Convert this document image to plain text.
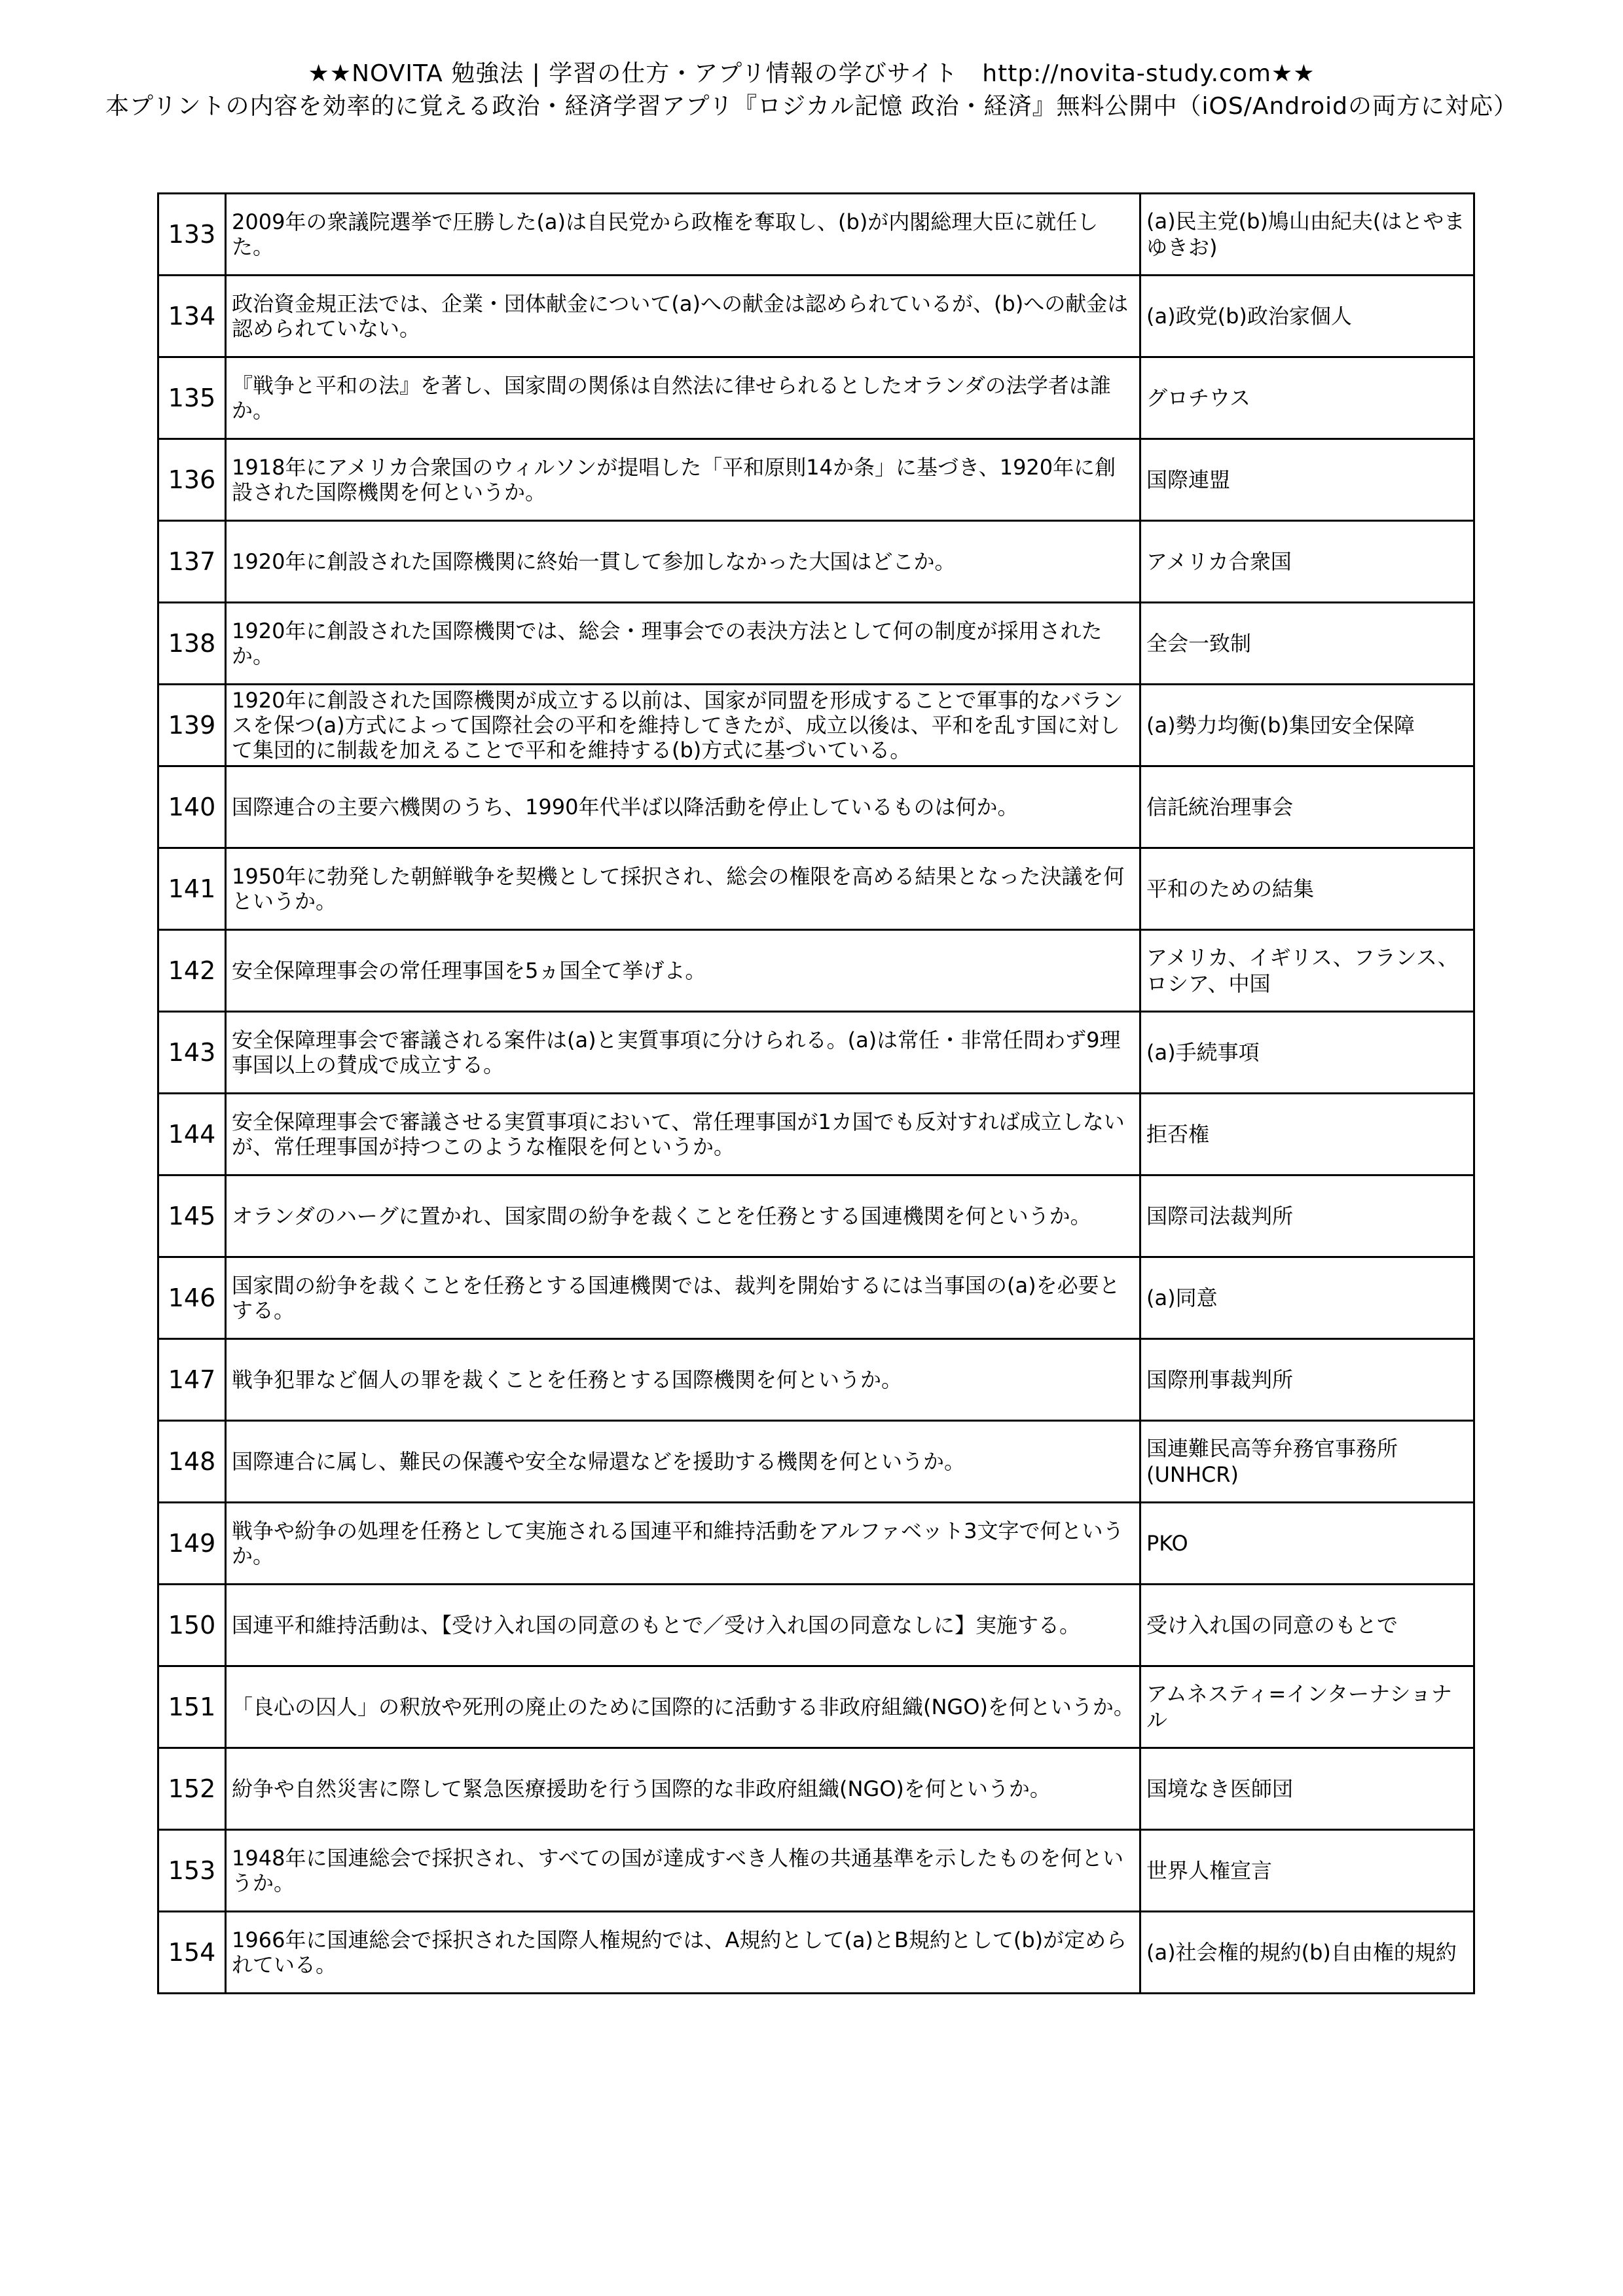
★★NOVITA 勉強法 | 学習の仕方・アプリ情報の学びサイト　http://novita-study.com★★
本プリントの内容を効率的に覚える政治・経済学習アプリ『ロジカル記憶 政治・経済』無料公開中（iOS/Androidの両方に対応）
133	2009年の衆議院選挙で圧勝した(a)は自民党から政権を奪取し、(b)が内閣総理大臣に就任した。	(a)民主党(b)鳩山由紀夫(はとやまゆきお)
134	政治資金規正法では、企業・団体献金について(a)への献金は認められているが、(b)への献金は認められていない。	(a)政党(b)政治家個人
135	『戦争と平和の法』を著し、国家間の関係は自然法に律せられるとしたオランダの法学者は誰か。	グロチウス
136	1918年にアメリカ合衆国のウィルソンが提唱した「平和原則14か条」に基づき、1920年に創設された国際機関を何というか。	国際連盟
137	1920年に創設された国際機関に終始一貫して参加しなかった大国はどこか。	アメリカ合衆国
138	1920年に創設された国際機関では、総会・理事会での表決方法として何の制度が採用されたか。	全会一致制
139	1920年に創設された国際機関が成立する以前は、国家が同盟を形成することで軍事的なバランスを保つ(a)方式によって国際社会の平和を維持してきたが、成立以後は、平和を乱す国に対して集団的に制裁を加えることで平和を維持する(b)方式に基づいている。	(a)勢力均衡(b)集団安全保障
140	国際連合の主要六機関のうち、1990年代半ば以降活動を停止しているものは何か。	信託統治理事会
141	1950年に勃発した朝鮮戦争を契機として採択され、総会の権限を高める結果となった決議を何というか。	平和のための結集
142	安全保障理事会の常任理事国を5ヵ国全て挙げよ。	アメリカ、イギリス、フランス、ロシア、中国
143	安全保障理事会で審議される案件は(a)と実質事項に分けられる。(a)は常任・非常任問わず9理事国以上の賛成で成立する。	(a)手続事項
144	安全保障理事会で審議させる実質事項において、常任理事国が1カ国でも反対すれば成立しないが、常任理事国が持つこのような権限を何というか。	拒否権
145	オランダのハーグに置かれ、国家間の紛争を裁くことを任務とする国連機関を何というか。	国際司法裁判所
146	国家間の紛争を裁くことを任務とする国連機関では、裁判を開始するには当事国の(a)を必要とする。	(a)同意
147	戦争犯罪など個人の罪を裁くことを任務とする国際機関を何というか。	国際刑事裁判所
148	国際連合に属し、難民の保護や安全な帰還などを援助する機関を何というか。	国連難民高等弁務官事務所(UNHCR)
149	戦争や紛争の処理を任務として実施される国連平和維持活動をアルファベット3文字で何というか。	PKO
150	国連平和維持活動は、【受け入れ国の同意のもとで／受け入れ国の同意なしに】実施する。	受け入れ国の同意のもとで
151	「良心の囚人」の釈放や死刑の廃止のために国際的に活動する非政府組織(NGO)を何というか。	アムネスティ=インターナショナル
152	紛争や自然災害に際して緊急医療援助を行う国際的な非政府組織(NGO)を何というか。	国境なき医師団
153	1948年に国連総会で採択され、すべての国が達成すべき人権の共通基準を示したものを何というか。	世界人権宣言
154	1966年に国連総会で採択された国際人権規約では、A規約として(a)とB規約として(b)が定められている。	(a)社会権的規約(b)自由権的規約
